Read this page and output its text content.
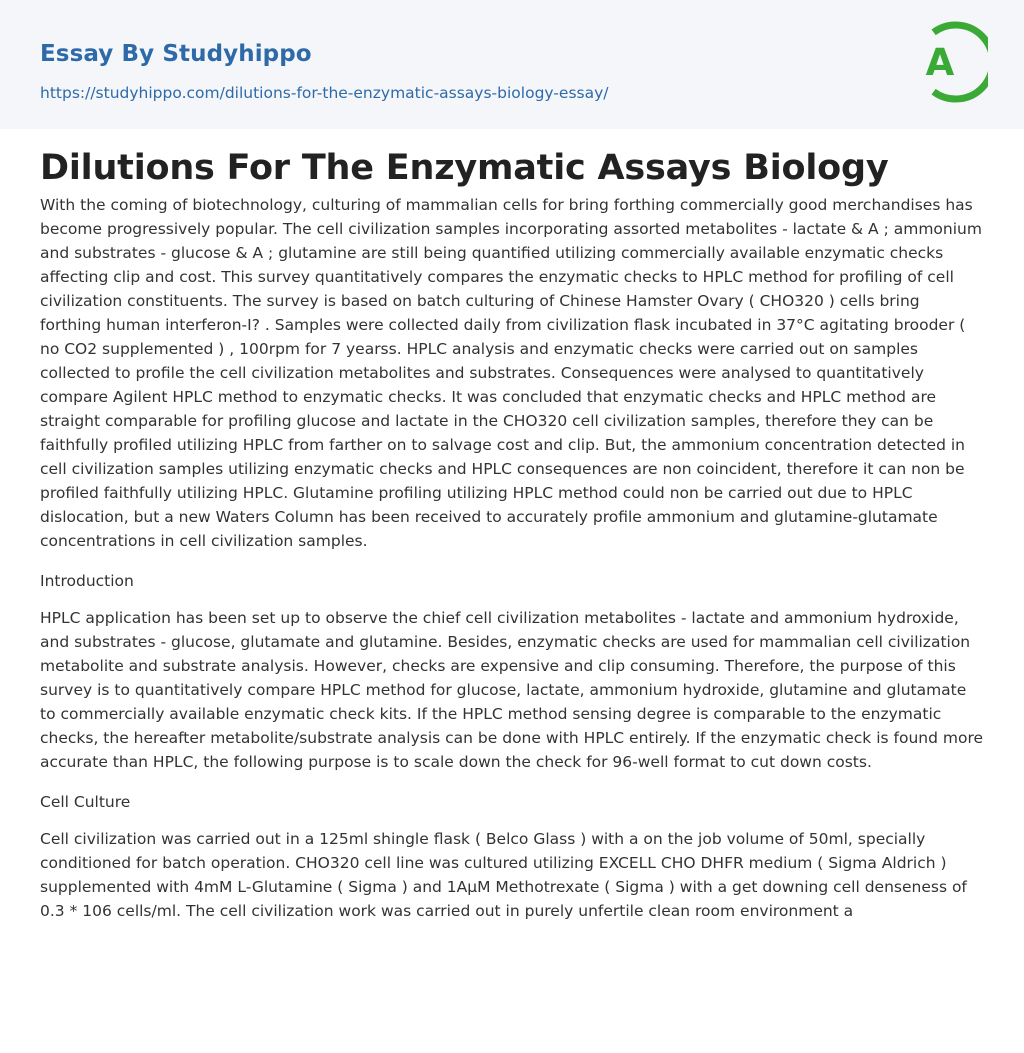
Essay By Studyhippo
https://studyhippo.com/dilutions-for-the-enzymatic-assays-biology-essay/
A
Dilutions For The Enzymatic Assays Biology

With the coming of biotechnology, culturing of mammalian cells for bring forthing commercially good merchandises has become progressively popular. The cell civilization samples incorporating assorted metabolites - lactate & A ; ammonium and substrates - glucose & A ; glutamine are still being quantified utilizing commercially available enzymatic checks affecting clip and cost. This survey quantitatively compares the enzymatic checks to HPLC method for profiling of cell civilization constituents. The survey is based on batch culturing of Chinese Hamster Ovary ( CHO320 ) cells bring forthing human interferon-I? . Samples were collected daily from civilization flask incubated in 37°C agitating brooder ( no CO2 supplemented ) , 100rpm for 7 yearss. HPLC analysis and enzymatic checks were carried out on samples collected to profile the cell civilization metabolites and substrates. Consequences were analysed to quantitatively compare Agilent HPLC method to enzymatic checks. It was concluded that enzymatic checks and HPLC method are straight comparable for profiling glucose and lactate in the CHO320 cell civilization samples, therefore they can be faithfully profiled utilizing HPLC from farther on to salvage cost and clip. But, the ammonium concentration detected in cell civilization samples utilizing enzymatic checks and HPLC consequences are non coincident, therefore it can non be profiled faithfully utilizing HPLC. Glutamine profiling utilizing HPLC method could non be carried out due to HPLC dislocation, but a new Waters Column has been received to accurately profile ammonium and glutamine-glutamate concentrations in cell civilization samples.

Introduction

HPLC application has been set up to observe the chief cell civilization metabolites - lactate and ammonium hydroxide, and substrates - glucose, glutamate and glutamine. Besides, enzymatic checks are used for mammalian cell civilization metabolite and substrate analysis. However, checks are expensive and clip consuming. Therefore, the purpose of this survey is to quantitatively compare HPLC method for glucose, lactate, ammonium hydroxide, glutamine and glutamate to commercially available enzymatic check kits. If the HPLC method sensing degree is comparable to the enzymatic checks, the hereafter metabolite/substrate analysis can be done with HPLC entirely. If the enzymatic check is found more accurate than HPLC, the following purpose is to scale down the check for 96-well format to cut down costs.

Cell Culture

Cell civilization was carried out in a 125ml shingle flask ( Belco Glass ) with a on the job volume of 50ml, specially conditioned for batch operation. CHO320 cell line was cultured utilizing EXCELL CHO DHFR medium ( Sigma Aldrich ) supplemented with 4mM L-Glutamine ( Sigma ) and 1AµM Methotrexate ( Sigma ) with a get downing cell denseness of 0.3 * 106 cells/ml. The cell civilization work was carried out in purely unfertile clean room environment a
